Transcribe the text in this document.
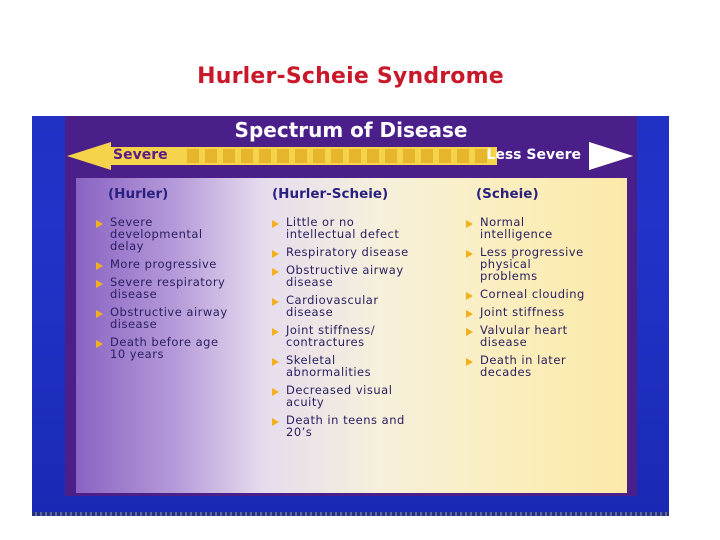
Hurler-Scheie Syndrome
Spectrum of Disease
Severe	Less Severe
(Hurler)
Severe
developmental
delay
More progressive
Severe respiratory
disease
Obstructive airway
disease
Death before age
10 years
(Hurler-Scheie)
Little or no
intellectual defect
Respiratory disease
Obstructive airway
disease
Cardiovascular
disease
Joint stiffness/
contractures
Skeletal
abnormalities
Decreased visual
acuity
Death in teens and
20’s
(Scheie)
Normal
intelligence
Less progressive
physical
problems
Corneal clouding
Joint stiffness
Valvular heart
disease
Death in later
decades
